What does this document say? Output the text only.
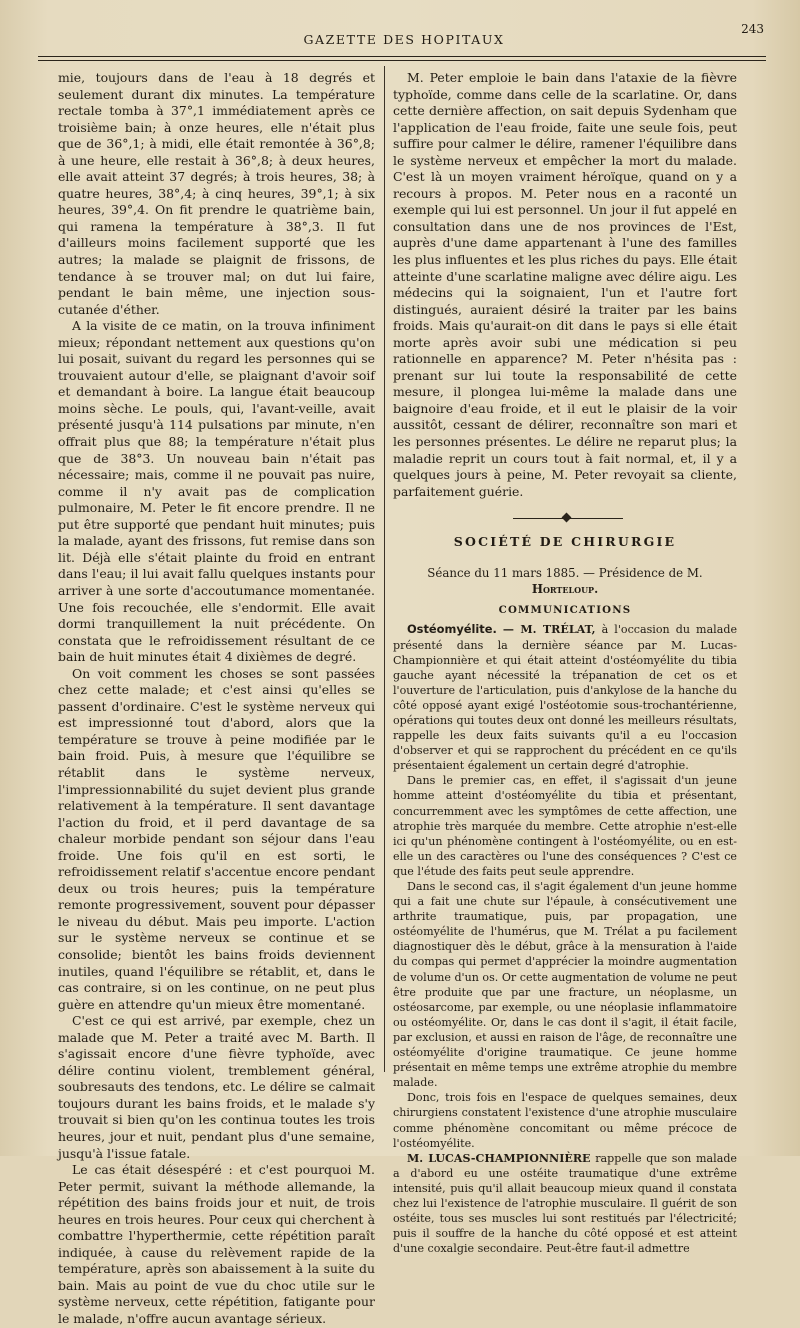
GAZETTE DES HOPITAUX
243

mie, toujours dans de l'eau à 18 degrés et seulement durant dix minutes. La température rectale tomba à 37°,1 immédiatement après ce troisième bain; à onze heures, elle n'était plus que de 36°,1; à midi, elle était remontée à 36°,8; à une heure, elle restait à 36°,8; à deux heures, elle avait atteint 37 degrés; à trois heures, 38; à quatre heures, 38°,4; à cinq heures, 39°,1; à six heures, 39°,4. On fit prendre le quatrième bain, qui ramena la température à 38°,3. Il fut d'ailleurs moins facilement supporté que les autres; la malade se plaignit de frissons, de tendance à se trouver mal; on dut lui faire, pendant le bain même, une injection sous-cutanée d'éther.

A la visite de ce matin, on la trouva infiniment mieux; répondant nettement aux questions qu'on lui posait, suivant du regard les personnes qui se trouvaient autour d'elle, se plaignant d'avoir soif et demandant à boire. La langue était beaucoup moins sèche. Le pouls, qui, l'avant-veille, avait présenté jusqu'à 114 pulsations par minute, n'en offrait plus que 88; la température n'était plus que de 38°3. Un nouveau bain n'était pas nécessaire; mais, comme il ne pouvait pas nuire, comme il n'y avait pas de complication pulmonaire, M. Peter le fit encore prendre. Il ne put être supporté que pendant huit minutes; puis la malade, ayant des frissons, fut remise dans son lit. Déjà elle s'était plainte du froid en entrant dans l'eau; il lui avait fallu quelques instants pour arriver à une sorte d'accoutumance momentanée. Une fois recouchée, elle s'endormit. Elle avait dormi tranquillement la nuit précédente. On constata que le refroidissement résultant de ce bain de huit minutes était 4 dixièmes de degré.

On voit comment les choses se sont passées chez cette malade; et c'est ainsi qu'elles se passent d'ordinaire. C'est le système nerveux qui est impressionné tout d'abord, alors que la température se trouve à peine modifiée par le bain froid. Puis, à mesure que l'équilibre se rétablit dans le système nerveux, l'impressionnabilité du sujet devient plus grande relativement à la température. Il sent davantage l'action du froid, et il perd davantage de sa chaleur morbide pendant son séjour dans l'eau froide. Une fois qu'il en est sorti, le refroidissement relatif s'accentue encore pendant deux ou trois heures; puis la température remonte progressivement, souvent pour dépasser le niveau du début. Mais peu importe. L'action sur le système nerveux se continue et se consolide; bientôt les bains froids deviennent inutiles, quand l'équilibre se rétablit, et, dans le cas contraire, si on les continue, on ne peut plus guère en attendre qu'un mieux être momentané.

C'est ce qui est arrivé, par exemple, chez un malade que M. Peter a traité avec M. Barth. Il s'agissait encore d'une fièvre typhoïde, avec délire continu violent, tremblement général, soubresauts des tendons, etc. Le délire se calmait toujours durant les bains froids, et le malade s'y trouvait si bien qu'on les continua toutes les trois heures, jour et nuit, pendant plus d'une semaine, jusqu'à l'issue fatale.

Le cas était désespéré : et c'est pourquoi M. Peter permit, suivant la méthode allemande, la répétition des bains froids jour et nuit, de trois heures en trois heures. Pour ceux qui cherchent à combattre l'hyperthermie, cette répétition paraît indiquée, à cause du relèvement rapide de la température, après son abaissement à la suite du bain. Mais au point de vue du choc utile sur le système nerveux, cette répétition, fatigante pour le malade, n'offre aucun avantage sérieux.

M. Peter emploie le bain dans l'ataxie de la fièvre typhoïde, comme dans celle de la scarlatine. Or, dans cette dernière affection, on sait depuis Sydenham que l'application de l'eau froide, faite une seule fois, peut suffire pour calmer le délire, ramener l'équilibre dans le système nerveux et empêcher la mort du malade. C'est là un moyen vraiment héroïque, quand on y a recours à propos. M. Peter nous en a raconté un exemple qui lui est personnel. Un jour il fut appelé en consultation dans une de nos provinces de l'Est, auprès d'une dame appartenant à l'une des familles les plus influentes et les plus riches du pays. Elle était atteinte d'une scarlatine maligne avec délire aigu. Les médecins qui la soignaient, l'un et l'autre fort distingués, auraient désiré la traiter par les bains froids. Mais qu'aurait-on dit dans le pays si elle était morte après avoir subi une médication si peu rationnelle en apparence? M. Peter n'hésita pas : prenant sur lui toute la responsabilité de cette mesure, il plongea lui-même la malade dans une baignoire d'eau froide, et il eut le plaisir de la voir aussitôt, cessant de délirer, reconnaître son mari et les personnes présentes. Le délire ne reparut plus; la maladie reprit un cours tout à fait normal, et, il y a quelques jours à peine, M. Peter revoyait sa cliente, parfaitement guérie.

SOCIÉTÉ DE CHIRURGIE

Séance du 11 mars 1885. — Présidence de M. Horteloup.

COMMUNICATIONS

Ostéomyélite. — M. TRÉLAT, à l'occasion du malade présenté dans la dernière séance par M. Lucas-Championnière et qui était atteint d'ostéomyélite du tibia gauche ayant nécessité la trépanation de cet os et l'ouverture de l'articulation, puis d'ankylose de la hanche du côté opposé ayant exigé l'ostéotomie sous-trochantérienne, opérations qui toutes deux ont donné les meilleurs résultats, rappelle les deux faits suivants qu'il a eu l'occasion d'observer et qui se rapprochent du précédent en ce qu'ils présentaient également un certain degré d'atrophie.

Dans le premier cas, en effet, il s'agissait d'un jeune homme atteint d'ostéomyélite du tibia et présentant, concurremment avec les symptômes de cette affection, une atrophie très marquée du membre. Cette atrophie n'est-elle ici qu'un phénomène contingent à l'ostéomyélite, ou en est-elle un des caractères ou l'une des conséquences ? C'est ce que l'étude des faits peut seule apprendre.

Dans le second cas, il s'agit également d'un jeune homme qui a fait une chute sur l'épaule, à consécutivement une arthrite traumatique, puis, par propagation, une ostéomyélite de l'humérus, que M. Trélat a pu facilement diagnostiquer dès le début, grâce à la mensuration à l'aide du compas qui permet d'apprécier la moindre augmentation de volume d'un os. Or cette augmentation de volume ne peut être produite que par une fracture, un néoplasme, un ostéosarcome, par exemple, ou une néoplasie inflammatoire ou ostéomyélite. Or, dans le cas dont il s'agit, il était facile, par exclusion, et aussi en raison de l'âge, de reconnaître une ostéomyélite d'origine traumatique. Ce jeune homme présentait en même temps une extrême atrophie du membre malade.

Donc, trois fois en l'espace de quelques semaines, deux chirurgiens constatent l'existence d'une atrophie musculaire comme phénomène concomitant ou même précoce de l'ostéomyélite.

M. LUCAS-CHAMPIONNIÈRE rappelle que son malade a d'abord eu une ostéite traumatique d'une extrême intensité, puis qu'il allait beaucoup mieux quand il constata chez lui l'existence de l'atrophie musculaire. Il guérit de son ostéite, tous ses muscles lui sont restitués par l'électricité; puis il souffre de la hanche du côté opposé et est atteint d'une coxalgie secondaire. Peut-être faut-il admettre
